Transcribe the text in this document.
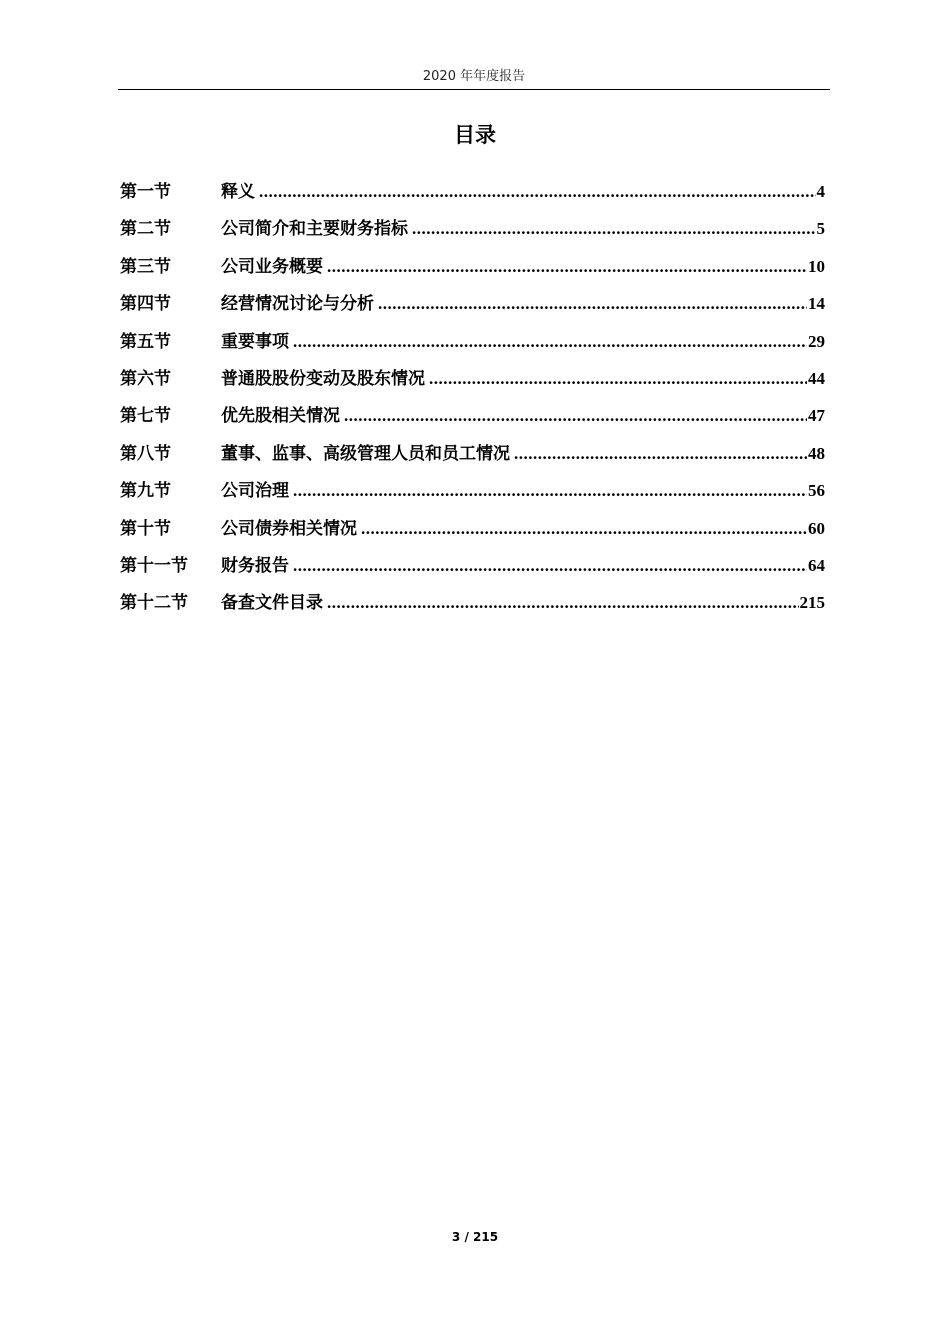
2020 年年度报告
目录
第一节	释义 .....	4
第二节	公司简介和主要财务指标 .....	5
第三节	公司业务概要 .....	10
第四节	经营情况讨论与分析 .....	14
第五节	重要事项 .....	29
第六节	普通股股份变动及股东情况 .....	44
第七节	优先股相关情况 .....	47
第八节	董事、监事、高级管理人员和员工情况 .....	48
第九节	公司治理 .....	56
第十节	公司债券相关情况 .....	60
第十一节	财务报告 .....	64
第十二节	备查文件目录 .....	215
3 / 215
